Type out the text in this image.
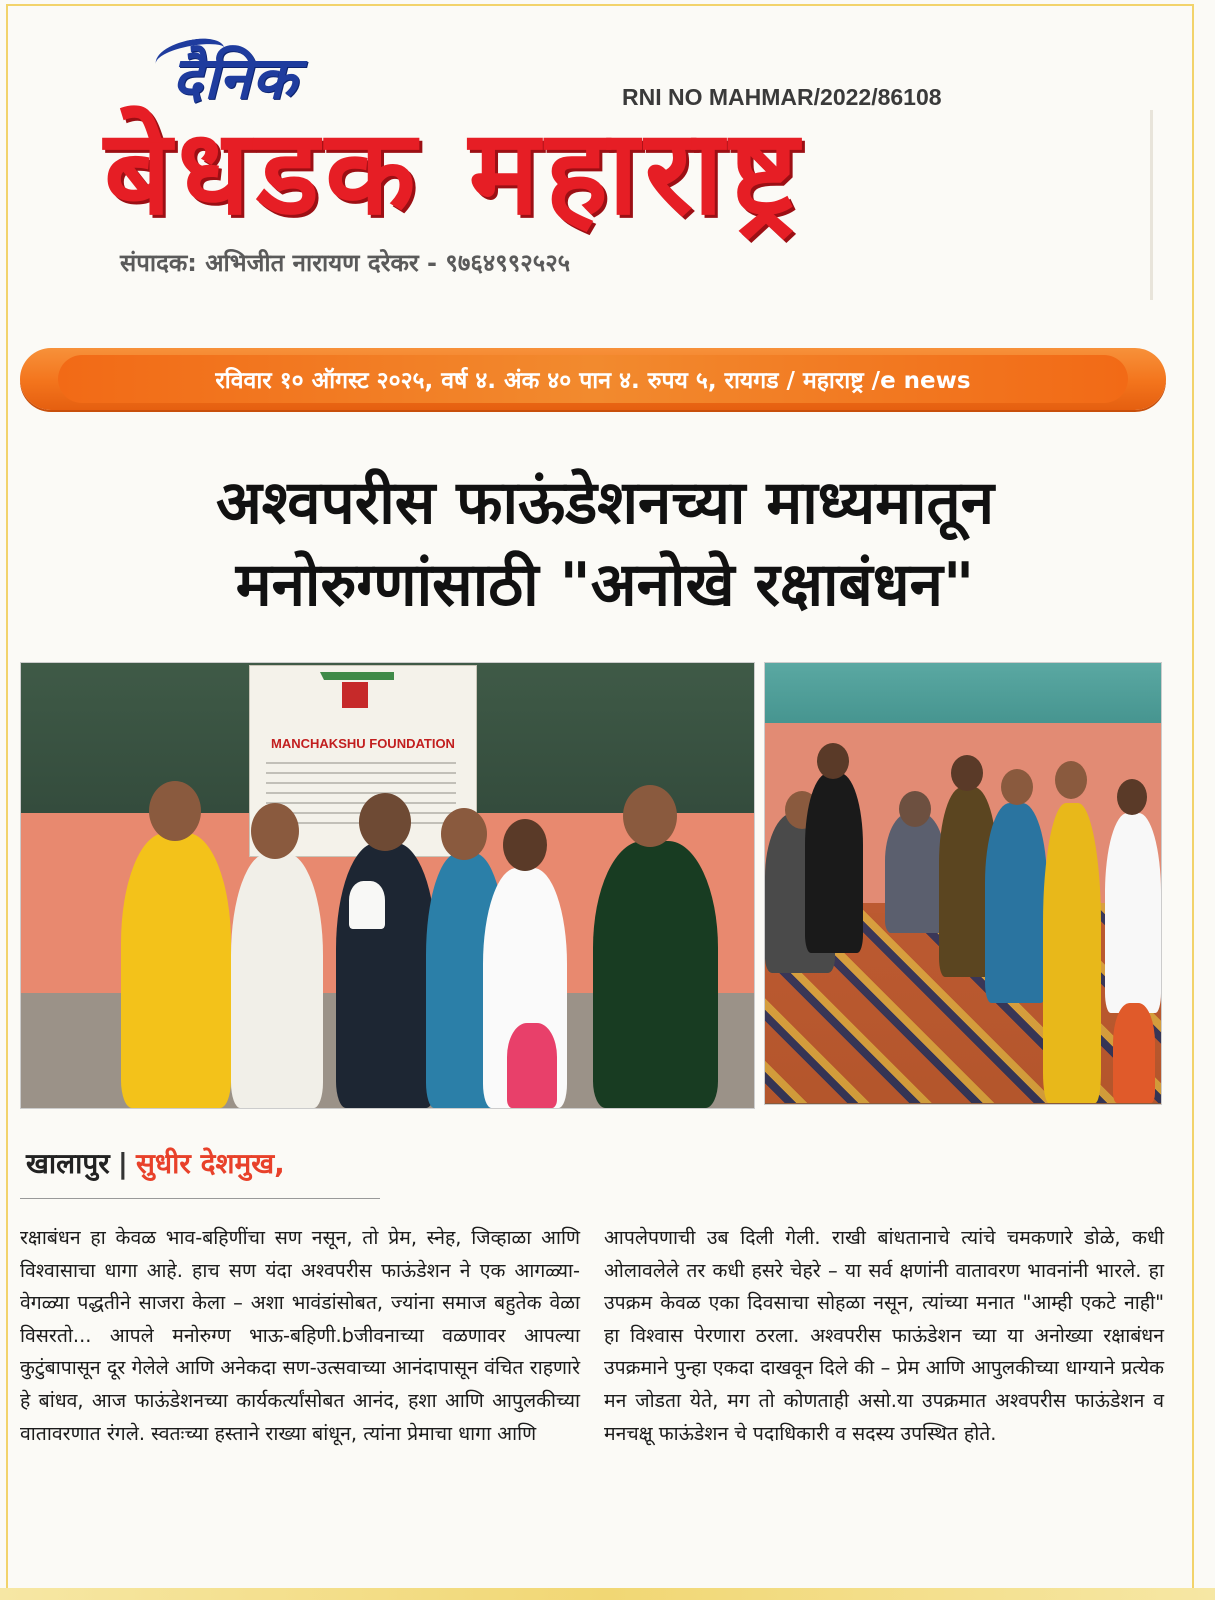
दैनिक	RNI NO MAHMAR/2022/86108
बेधडक महाराष्ट्र
संपादक: अभिजीत नारायण दरेकर - ९७६४९९२५२५
रविवार १० ऑगस्ट २०२५, वर्ष ४. अंक ४० पान ४. रुपय ५, रायगड / महाराष्ट्र /e news
अश्वपरीस फाऊंडेशनच्या माध्यमातून
मनोरुग्णांसाठी "अनोखे रक्षाबंधन"
MANCHAKSHU FOUNDATION
खालापुर | सुधीर देशमुख,
रक्षाबंधन हा केवळ भाव-बहिणींचा सण नसून, तो प्रेम, स्नेह, जिव्हाळा आणि विश्वासाचा धागा आहे. हाच सण यंदा अश्वपरीस फाऊंडेशन ने एक आगळ्या-वेगळ्या पद्धतीने साजरा केला – अशा भावंडांसोबत, ज्यांना समाज बहुतेक वेळा विसरतो... आपले मनोरुग्ण भाऊ-बहिणी.bजीवनाच्या वळणावर आपल्या कुटुंबापासून दूर गेलेले आणि अनेकदा सण-उत्सवाच्या आनंदापासून वंचित राहणारे हे बांधव, आज फाऊंडेशनच्या कार्यकर्त्यांसोबत आनंद, हशा आणि आपुलकीच्या वातावरणात रंगले. स्वतःच्या हस्ताने राख्या बांधून, त्यांना प्रेमाचा धागा आणि
आपलेपणाची उब दिली गेली. राखी बांधतानाचे त्यांचे चमकणारे डोळे, कधी ओलावलेले तर कधी हसरे चेहरे – या सर्व क्षणांनी वातावरण भावनांनी भारले. हा उपक्रम केवळ एका दिवसाचा सोहळा नसून, त्यांच्या मनात "आम्ही एकटे नाही" हा विश्वास पेरणारा ठरला. अश्वपरीस फाऊंडेशन च्या या अनोख्या रक्षाबंधन उपक्रमाने पुन्हा एकदा दाखवून दिले की – प्रेम आणि आपुलकीच्या धाग्याने प्रत्येक मन जोडता येते, मग तो कोणताही असो.या उपक्रमात अश्वपरीस फाऊंडेशन व मनचक्षू फाऊंडेशन चे पदाधिकारी व सदस्य उपस्थित होते.
